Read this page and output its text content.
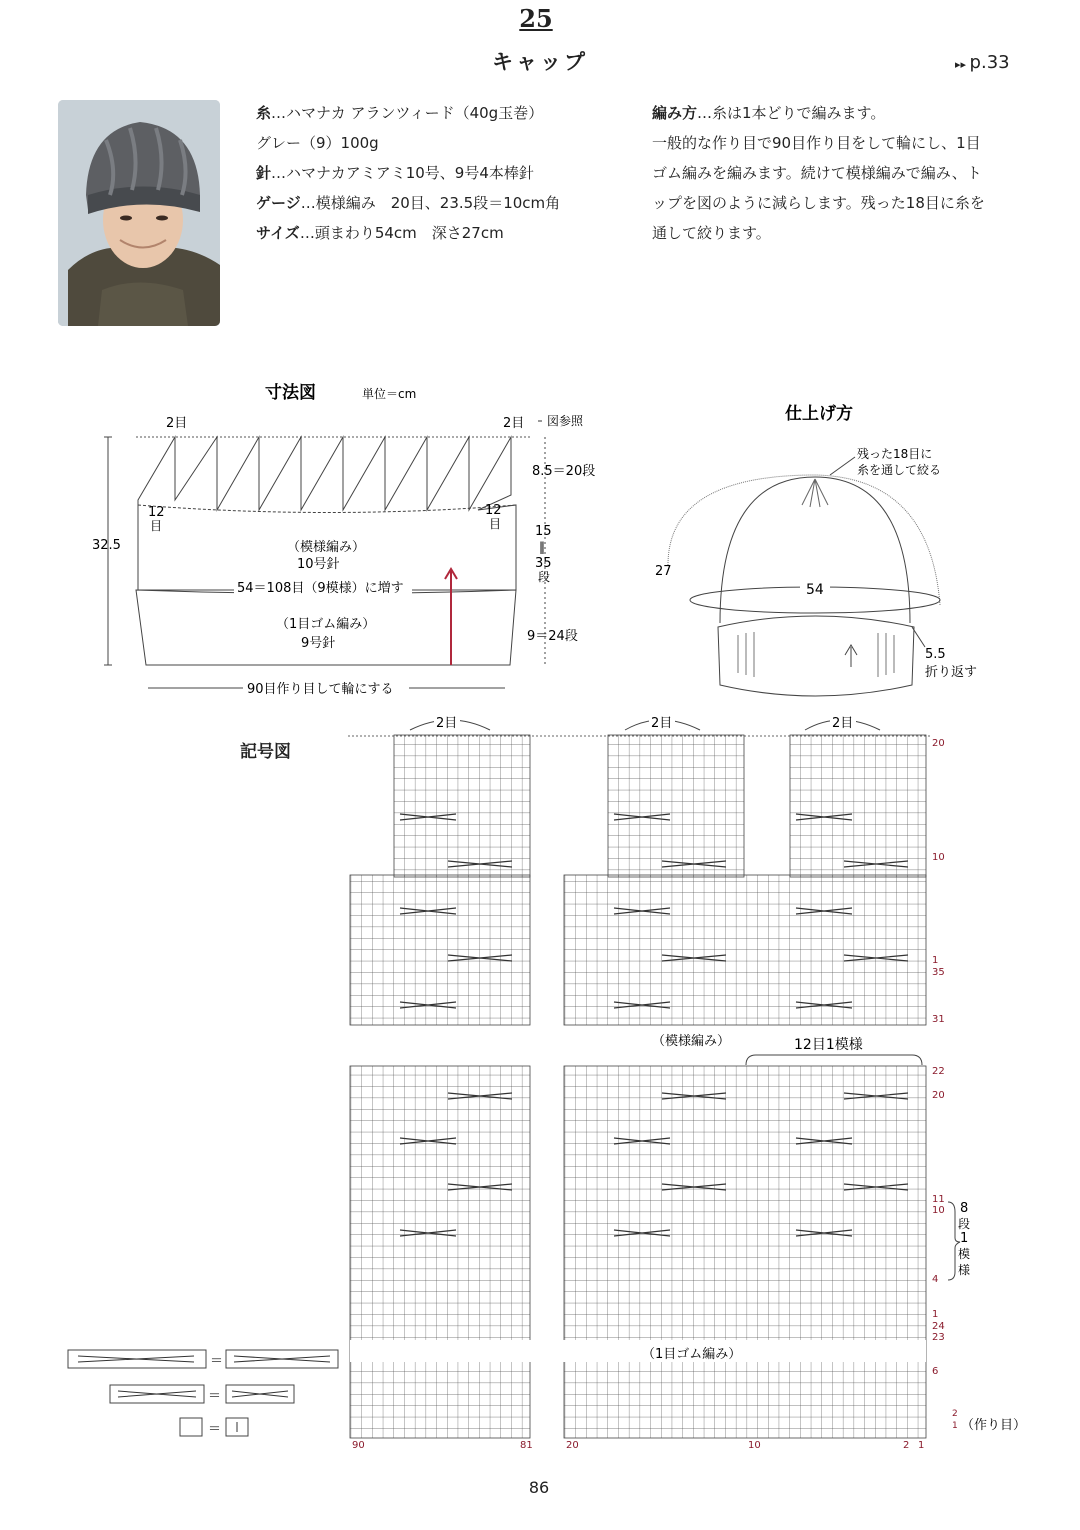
25
キャップ	▸▸ p.33
糸…ハマナカ アランツィード（40g玉巻）
グレー（9）100g
針…ハマナカアミアミ10号、9号4本棒針
ゲージ…模様編み　20目、23.5段＝10cm角
サイズ…頭まわり54cm　深さ27cm
編み方…糸は1本どりで編みます。
一般的な作り目で90目作り目をして輪にし、1目
ゴム編みを編みます。続けて模様編みで編み、ト
ップを図のように減らします。残った18目に糸を
通して絞ります。
寸法図	単位＝cm
2目	2目 図参照
32.5
12
目
12
目
8.5＝20段
15
‖
35
段
9＝24段
（模様編み）
10号針
54＝108目（9模様）に増す
（1目ゴム編み）
9号針
90目作り目して輪にする
仕上げ方
残った18目に
糸を通して絞る
27
54
5.5
折り返す
記号図
2目	2目	2目
20
10
1
35
31
（模様編み）	12目1模様
（1目ゴム編み）
22
20
11
10
4
1
24
23
6
2
1 （作り目）
8
段
1
模
様
90	81	20	10	2 1
＝
＝
＝
86
